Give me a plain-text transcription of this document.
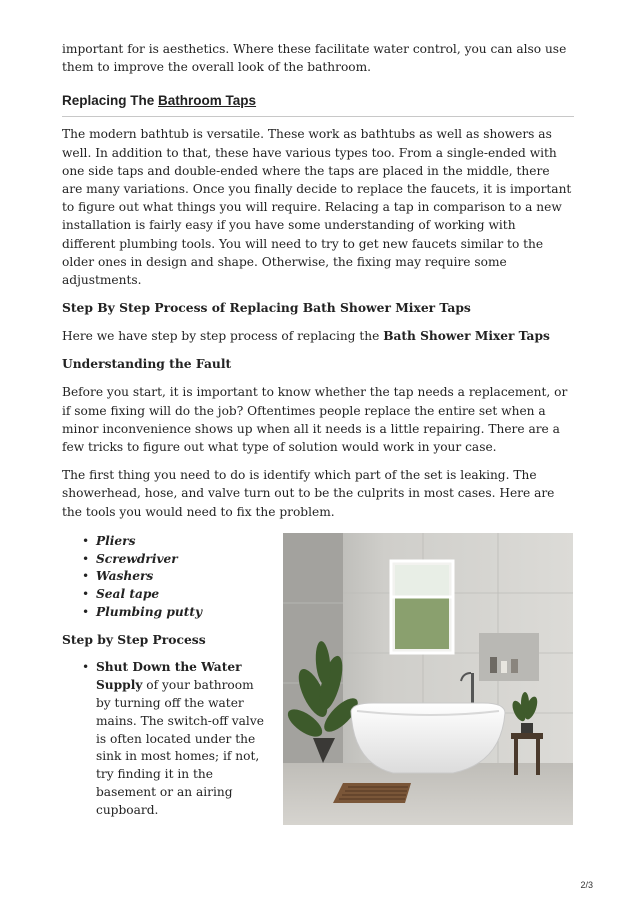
important for is aesthetics. Where these facilitate water control, you can also use them to improve the overall look of the bathroom.

Replacing The Bathroom Taps

The modern bathtub is versatile. These work as bathtubs as well as showers as well. In addition to that, these have various types too. From a single-ended with one side taps and double-ended where the taps are placed in the middle, there are many variations. Once you finally decide to replace the faucets, it is important to figure out what things you will require. Relacing a tap in comparison to a new installation is fairly easy if you have some understanding of working with different plumbing tools. You will need to try to get new faucets similar to the older ones in design and shape. Otherwise, the fixing may require some adjustments.

Step By Step Process of Replacing Bath Shower Mixer Taps

Here we have step by step process of replacing the Bath Shower Mixer Taps

Understanding the Fault

Before you start, it is important to know whether the tap needs a replacement, or if some fixing will do the job? Oftentimes people replace the entire set when a minor inconvenience shows up when all it needs is a little repairing. There are a few tricks to figure out what type of solution would work in your case.

The first thing you need to do is identify which part of the set is leaking. The showerhead, hose, and valve turn out to be the culprits in most cases. Here are the tools you would need to fix the problem.

• Pliers
• Screwdriver
• Washers
• Seal tape
• Plumbing putty
Step by Step Process
• Shut Down the Water Supply of your bathroom by turning off the water mains. The switch-off valve is often located under the sink in most homes; if not, try finding it in the basement or an airing cupboard.
2/3
